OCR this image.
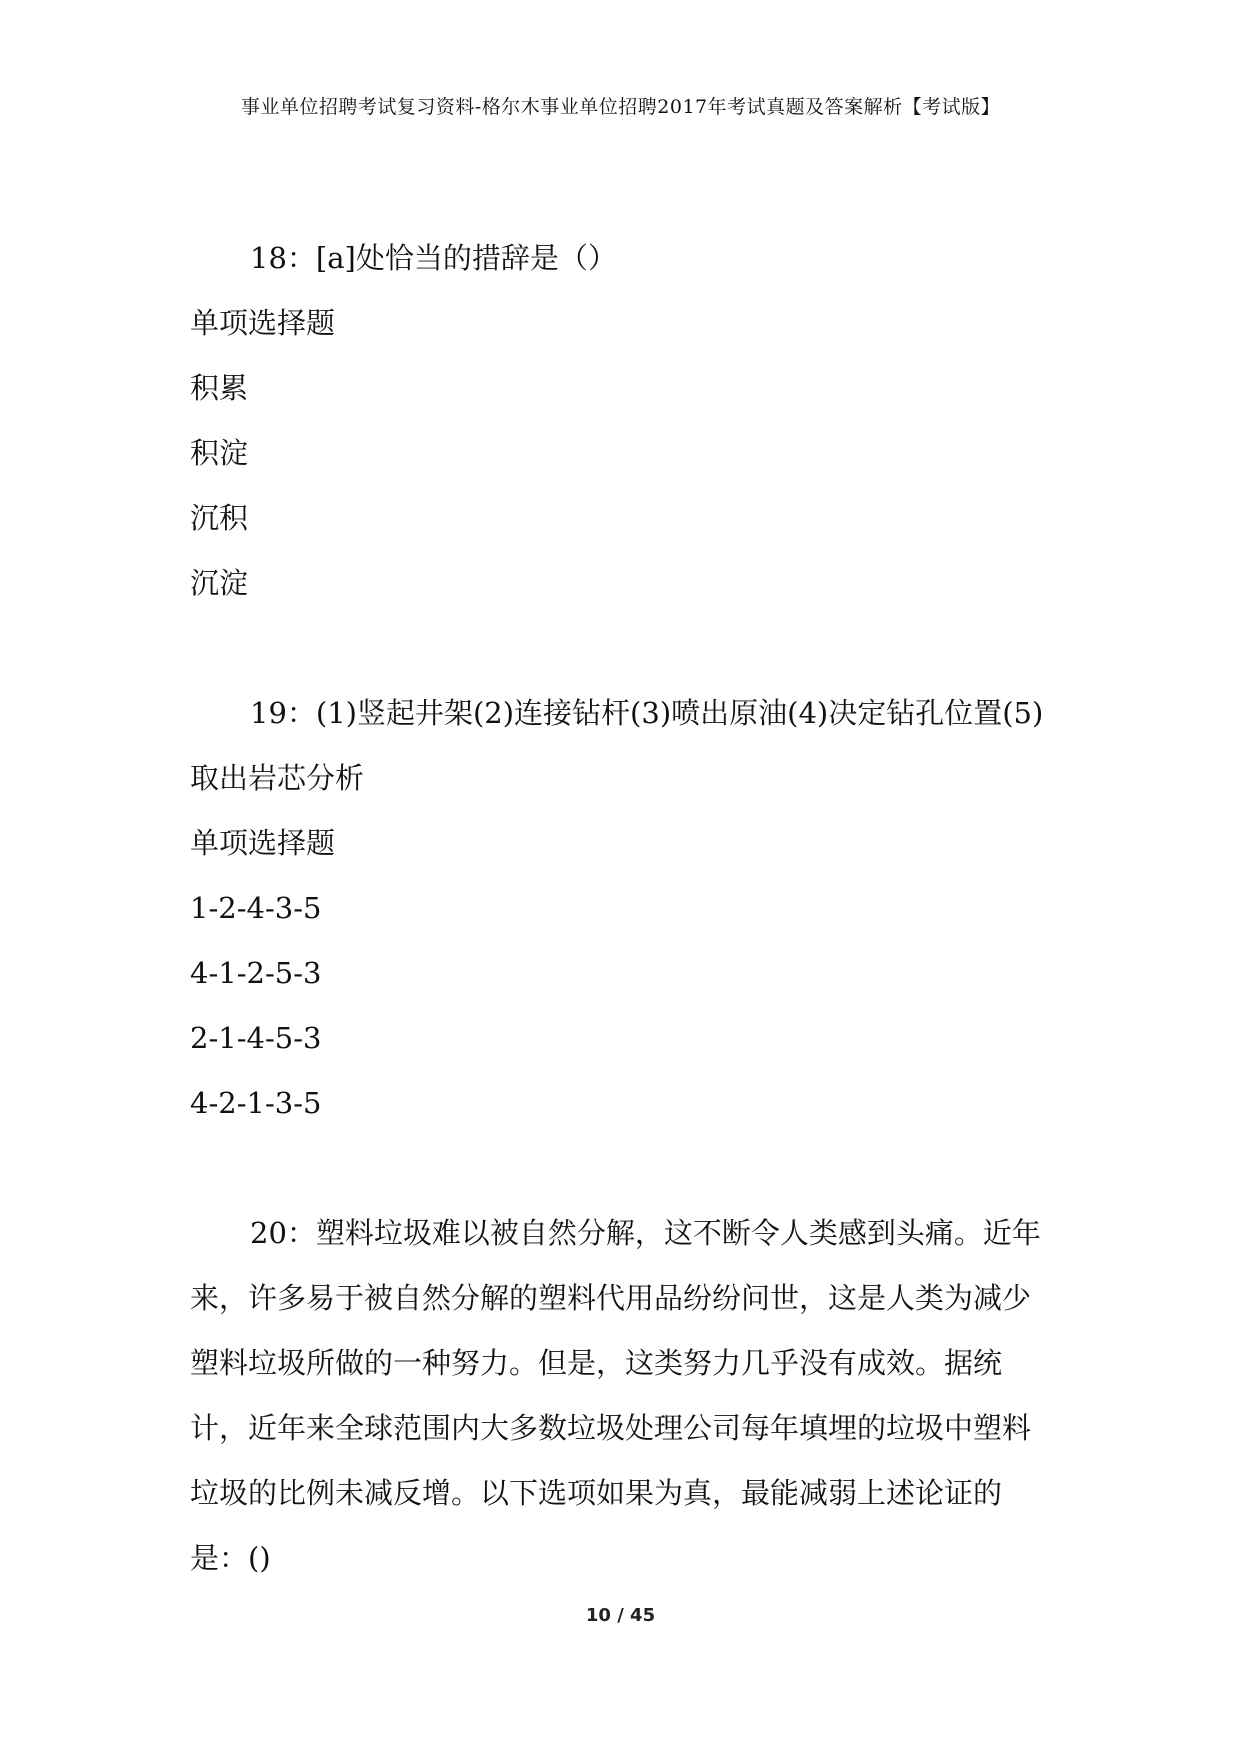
事业单位招聘考试复习资料-格尔木事业单位招聘2017年考试真题及答案解析【考试版】

18：[a]处恰当的措辞是（）

单项选择题

积累

积淀

沉积

沉淀

19：(1)竖起井架(2)连接钻杆(3)喷出原油(4)决定钻孔位置(5)取出岩芯分析

单项选择题

1-2-4-3-5

4-1-2-5-3

2-1-4-5-3

4-2-1-3-5

20：塑料垃圾难以被自然分解，这不断令人类感到头痛。近年来，许多易于被自然分解的塑料代用品纷纷问世，这是人类为减少塑料垃圾所做的一种努力。但是，这类努力几乎没有成效。据统计，近年来全球范围内大多数垃圾处理公司每年填埋的垃圾中塑料垃圾的比例未减反增。以下选项如果为真，最能减弱上述论证的是：()

10 / 45
